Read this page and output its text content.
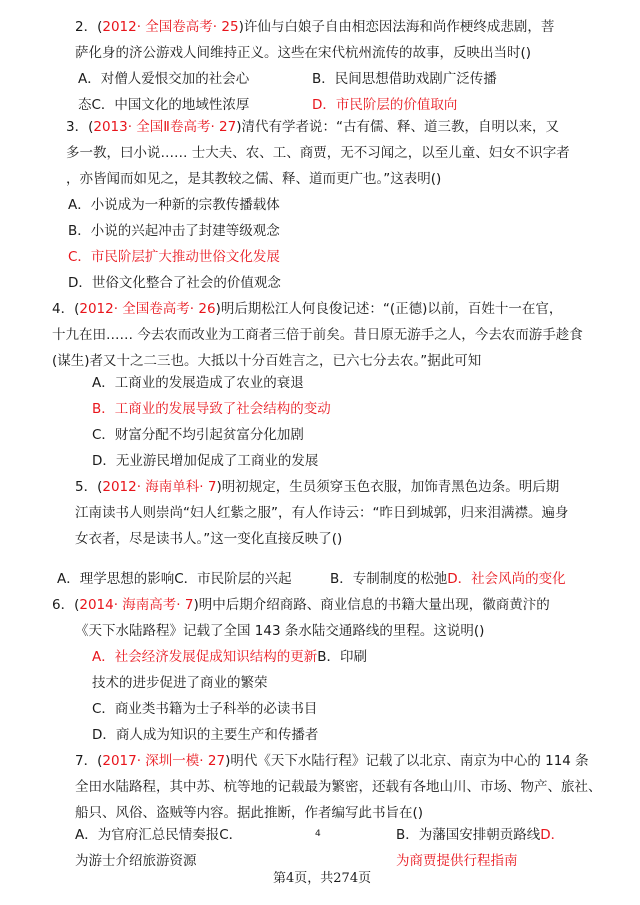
2．(2012· 全国卷高考· 25)许仙与白娘子自由相恋因法海和尚作梗终成悲剧，菩
萨化身的济公游戏人间维持正义。这些在宋代杭州流传的故事，反映出当时()
A．对僧人爱恨交加的社会心	B．民间思想借助戏剧广泛传播
态C．中国文化的地域性浓厚	D．市民阶层的价值取向
3．(2013· 全国Ⅱ卷高考· 27)清代有学者说：“古有儒、释、道三教，自明以来，又
多一教，曰小说…… 士大夫、农、工、商贾，无不习闻之，以至儿童、妇女不识字者
，亦皆闻而如见之，是其教较之儒、释、道而更广也。”这表明()
A．小说成为一种新的宗教传播载体
B．小说的兴起冲击了封建等级观念
C．市民阶层扩大推动世俗文化发展
D．世俗文化整合了社会的价值观念
4．(2012· 全国卷高考· 26)明后期松江人何良俊记述：“(正德)以前，百姓十一在官，
十九在田…… 今去农而改业为工商者三倍于前矣。昔日原无游手之人，今去农而游手趁食
(谋生)者又十之二三也。大抵以十分百姓言之，已六七分去农。”据此可知
A．工商业的发展造成了农业的衰退
B．工商业的发展导致了社会结构的变动
C．财富分配不均引起贫富分化加剧
D．无业游民增加促成了工商业的发展
5．(2012· 海南单科· 7)明初规定，生员须穿玉色衣服，加饰青黑色边条。明后期
江南读书人则崇尚“妇人红紫之服”，有人作诗云：“昨日到城郭，归来泪满襟。遍身
女衣者，尽是读书人。”这一变化直接反映了()
A．理学思想的影响C．市民阶层的兴起	B．专制制度的松弛D．社会风尚的变化
6．(2014· 海南高考· 7)明中后期介绍商路、商业信息的书籍大量出现，徽商黄汴的
《天下水陆路程》记载了全国 143 条水陆交通路线的里程。这说明()
A．社会经济发展促成知识结构的更新B．印刷
技术的进步促进了商业的繁荣
C．商业类书籍为士子科举的必读书目
D．商人成为知识的主要生产和传播者
7．(2017· 深圳一模· 27)明代《天下水陆行程》记载了以北京、南京为中心的 114 条
全田水陆路程，其中苏、杭等地的记载最为繁密，还载有各地山川、市场、物产、旅社、
船只、风俗、盗贼等内容。据此推断，作者编写此书旨在()
A．为官府汇总民情奏报C．	B．为藩国安排朝贡路线D．
为游士介绍旅游资源	为商贾提供行程指南
4
第4页，共274页
